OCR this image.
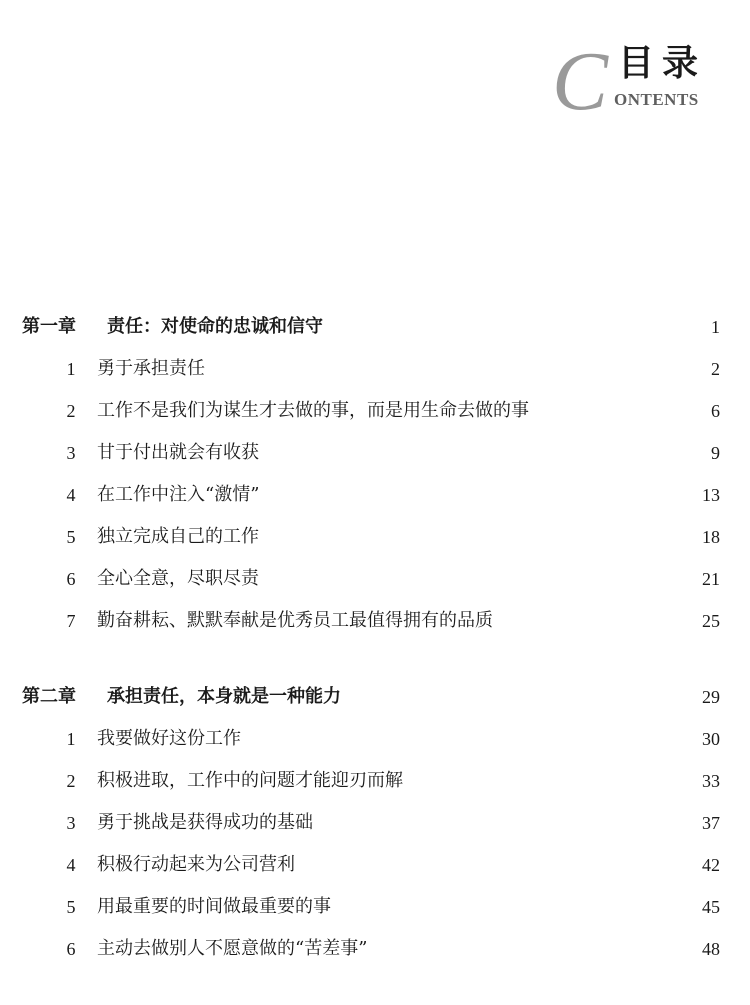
C 目录
ONTENTS
第一章 责任：对使命的忠诚和信守	1
1 勇于承担责任	2
2 工作不是我们为谋生才去做的事，而是用生命去做的事	6
3 甘于付出就会有收获	9
4 在工作中注入“激情”	13
5 独立完成自己的工作	18
6 全心全意，尽职尽责	21
7 勤奋耕耘、默默奉献是优秀员工最值得拥有的品质	25
第二章 承担责任，本身就是一种能力	29
1 我要做好这份工作	30
2 积极进取，工作中的问题才能迎刃而解	33
3 勇于挑战是获得成功的基础	37
4 积极行动起来为公司营利	42
5 用最重要的时间做最重要的事	45
6 主动去做别人不愿意做的“苦差事”	48
